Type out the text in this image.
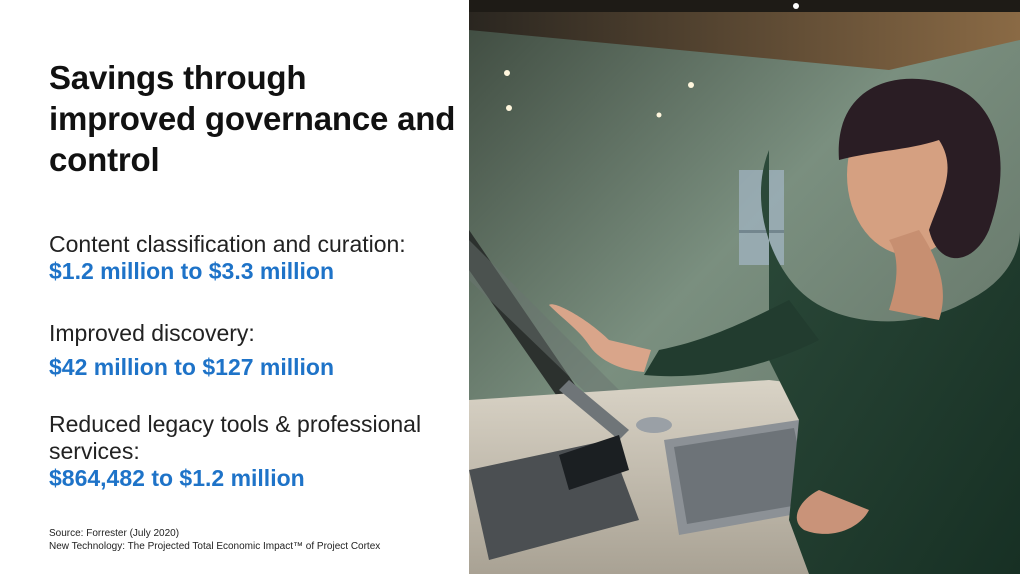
Savings through improved governance and control
Content classification and curation:
$1.2 million to $3.3 million
Improved discovery:
$42 million to $127 million
Reduced legacy tools & professional services:
$864,482 to $1.2 million
Source: Forrester (July 2020)
New Technology: The Projected Total Economic Impact™ of Project Cortex
